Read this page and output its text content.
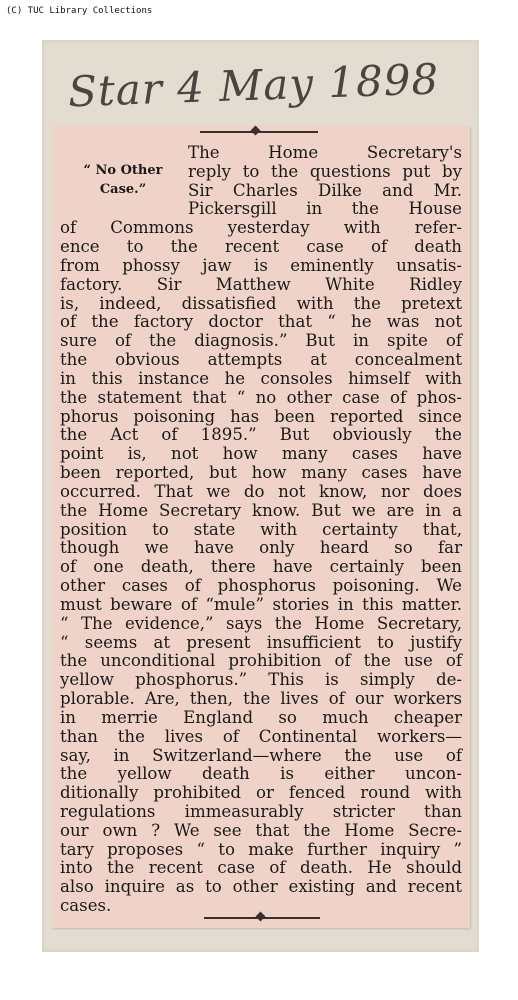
(C) TUC Library Collections
Star 4 May 1898
“ No Other
Case.”
The Home Secretary's
reply to the questions put by
Sir Charles Dilke and Mr.
Pickersgill in the House
of Commons yesterday with refer-
ence to the recent case of death
from phossy jaw is eminently unsatis-
factory. Sir Matthew White Ridley
is, indeed, dissatisfied with the pretext
of the factory doctor that “ he was not
sure of the diagnosis.” But in spite of
the obvious attempts at concealment
in this instance he consoles himself with
the statement that “ no other case of phos-
phorus poisoning has been reported since
the Act of 1895.” But obviously the
point is, not how many cases have
been reported, but how many cases have
occurred. That we do not know, nor does
the Home Secretary know. But we are in a
position to state with certainty that,
though we have only heard so far
of one death, there have certainly been
other cases of phosphorus poisoning. We
must beware of “mule” stories in this matter.
“ The evidence,” says the Home Secretary,
“ seems at present insufficient to justify
the unconditional prohibition of the use of
yellow phosphorus.” This is simply de-
plorable. Are, then, the lives of our workers
in merrie England so much cheaper
than the lives of Continental workers—
say, in Switzerland—where the use of
the yellow death is either uncon-
ditionally prohibited or fenced round with
regulations immeasurably stricter than
our own ? We see that the Home Secre-
tary proposes “ to make further inquiry ”
into the recent case of death. He should
also inquire as to other existing and recent
cases.
